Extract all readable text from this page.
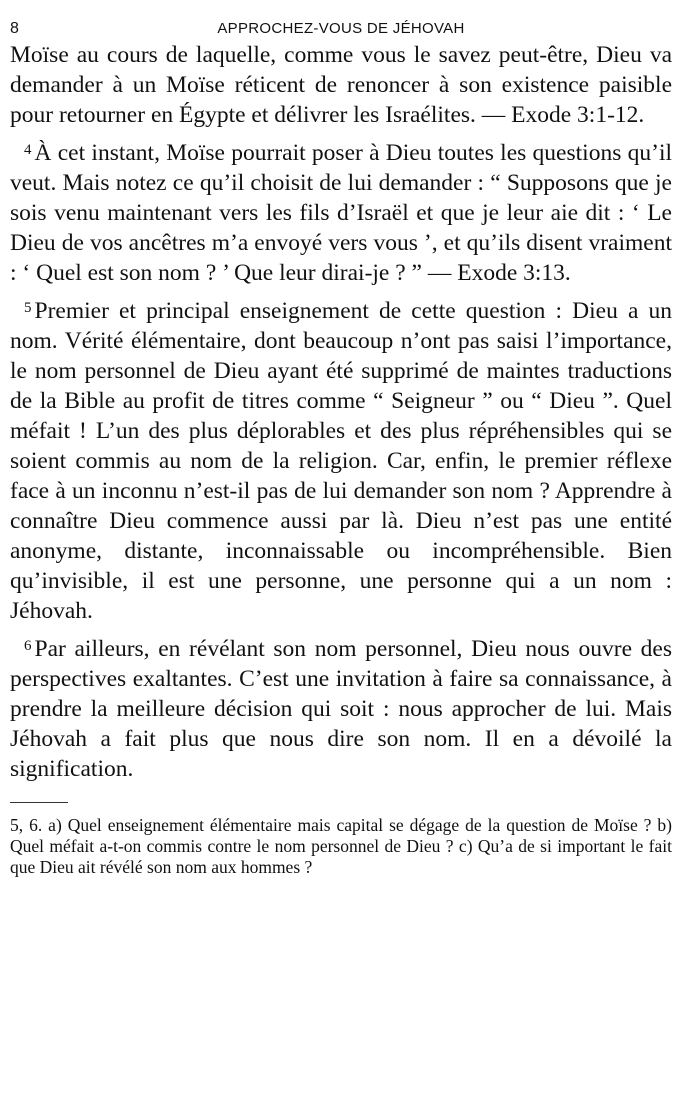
8	APPROCHEZ-VOUS DE JÉHOVAH

Moïse au cours de laquelle, comme vous le savez peut-être, Dieu va demander à un Moïse réticent de renoncer à son existence paisible pour retourner en Égypte et délivrer les Israélites. — Exode 3:1-12.

$^4$ À cet instant, Moïse pourrait poser à Dieu toutes les questions qu’il veut. Mais notez ce qu’il choisit de lui demander : “ Supposons que je sois venu maintenant vers les fils d’Israël et que je leur aie dit : ‘ Le Dieu de vos ancêtres m’a envoyé vers vous ’, et qu’ils disent vraiment : ‘ Quel est son nom ? ’ Que leur dirai-je ? ” — Exode 3:13.

$^5$ Premier et principal enseignement de cette question : Dieu a un nom. Vérité élémentaire, dont beaucoup n’ont pas saisi l’importance, le nom personnel de Dieu ayant été supprimé de maintes traductions de la Bible au profit de titres comme “ Seigneur ” ou “ Dieu ”. Quel méfait ! L’un des plus déplorables et des plus répréhensibles qui se soient commis au nom de la religion. Car, enfin, le premier réflexe face à un inconnu n’est-il pas de lui demander son nom ? Apprendre à connaître Dieu commence aussi par là. Dieu n’est pas une entité anonyme, distante, inconnaissable ou incompréhensible. Bien qu’invisible, il est une personne, une personne qui a un nom : Jéhovah.

$^6$ Par ailleurs, en révélant son nom personnel, Dieu nous ouvre des perspectives exaltantes. C’est une invitation à faire sa connaissance, à prendre la meilleure décision qui soit : nous approcher de lui. Mais Jéhovah a fait plus que nous dire son nom. Il en a dévoilé la signification.

5, 6. a) Quel enseignement élémentaire mais capital se dégage de la question de Moïse ? b) Quel méfait a-t-on commis contre le nom personnel de Dieu ? c) Qu’a de si important le fait que Dieu ait révélé son nom aux hommes ?
